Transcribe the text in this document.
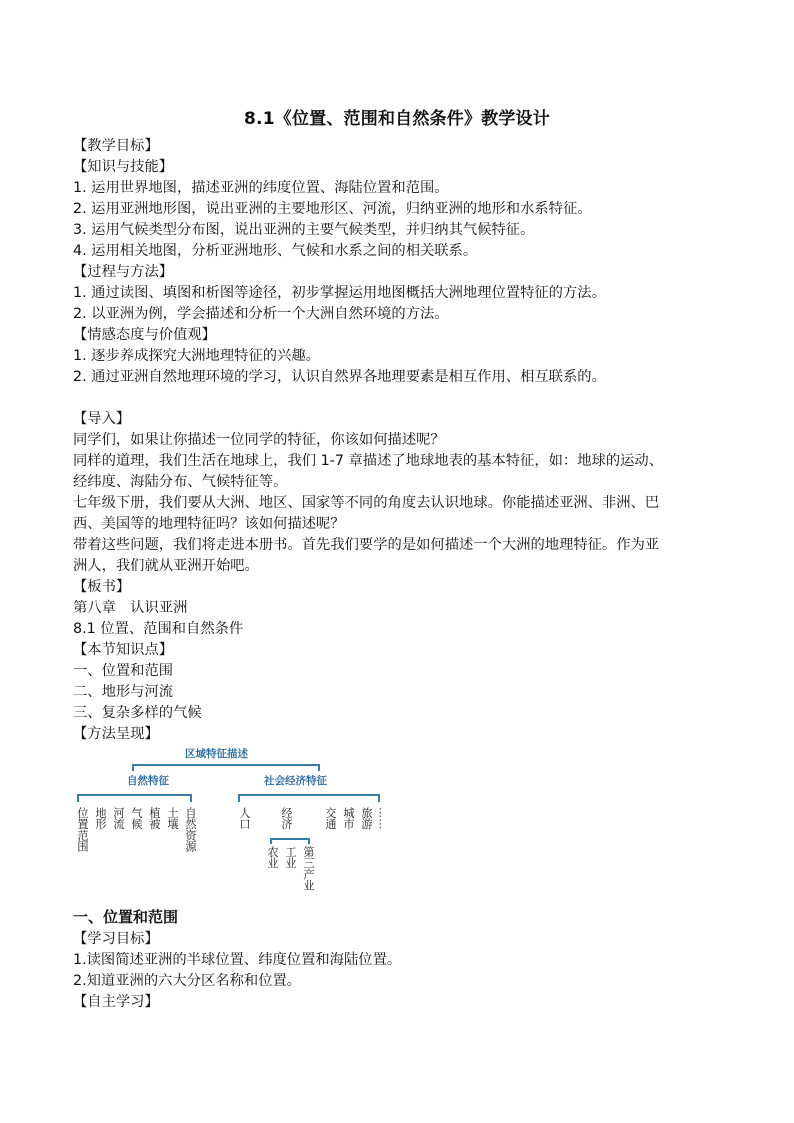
8.1《位置、范围和自然条件》教学设计
【教学目标】
【知识与技能】
1. 运用世界地图，描述亚洲的纬度位置、海陆位置和范围。
2. 运用亚洲地形图，说出亚洲的主要地形区、河流，归纳亚洲的地形和水系特征。
3. 运用气候类型分布图，说出亚洲的主要气候类型，并归纳其气候特征。
4. 运用相关地图，分析亚洲地形、气候和水系之间的相关联系。
【过程与方法】
1. 通过读图、填图和析图等途径，初步掌握运用地图概括大洲地理位置特征的方法。
2. 以亚洲为例，学会描述和分析一个大洲自然环境的方法。
【情感态度与价值观】
1. 逐步养成探究大洲地理特征的兴趣。
2. 通过亚洲自然地理环境的学习，认识自然界各地理要素是相互作用、相互联系的。
【导入】
同学们，如果让你描述一位同学的特征，你该如何描述呢？
同样的道理，我们生活在地球上，我们 1-7 章描述了地球地表的基本特征，如：地球的运动、
经纬度、海陆分布、气候特征等。
七年级下册，我们要从大洲、地区、国家等不同的角度去认识地球。你能描述亚洲、非洲、巴
西、美国等的地理特征吗？该如何描述呢？
带着这些问题，我们将走进本册书。首先我们要学的是如何描述一个大洲的地理特征。作为亚
洲人，我们就从亚洲开始吧。
【板书】
第八章　认识亚洲
8.1 位置、范围和自然条件
【本节知识点】
一、位置和范围
二、地形与河流
三、复杂多样的气候
【方法呈现】
区域特征描述
自然特征	社会经济特征
位置范围 地形 河流 气候 植被 土壤 自然资源	人口	经济	交通 城市 旅游 ⋯⋯
农业 工业 第三产业
一、位置和范围
【学习目标】
1.读图简述亚洲的半球位置、纬度位置和海陆位置。
2.知道亚洲的六大分区名称和位置。
【自主学习】
